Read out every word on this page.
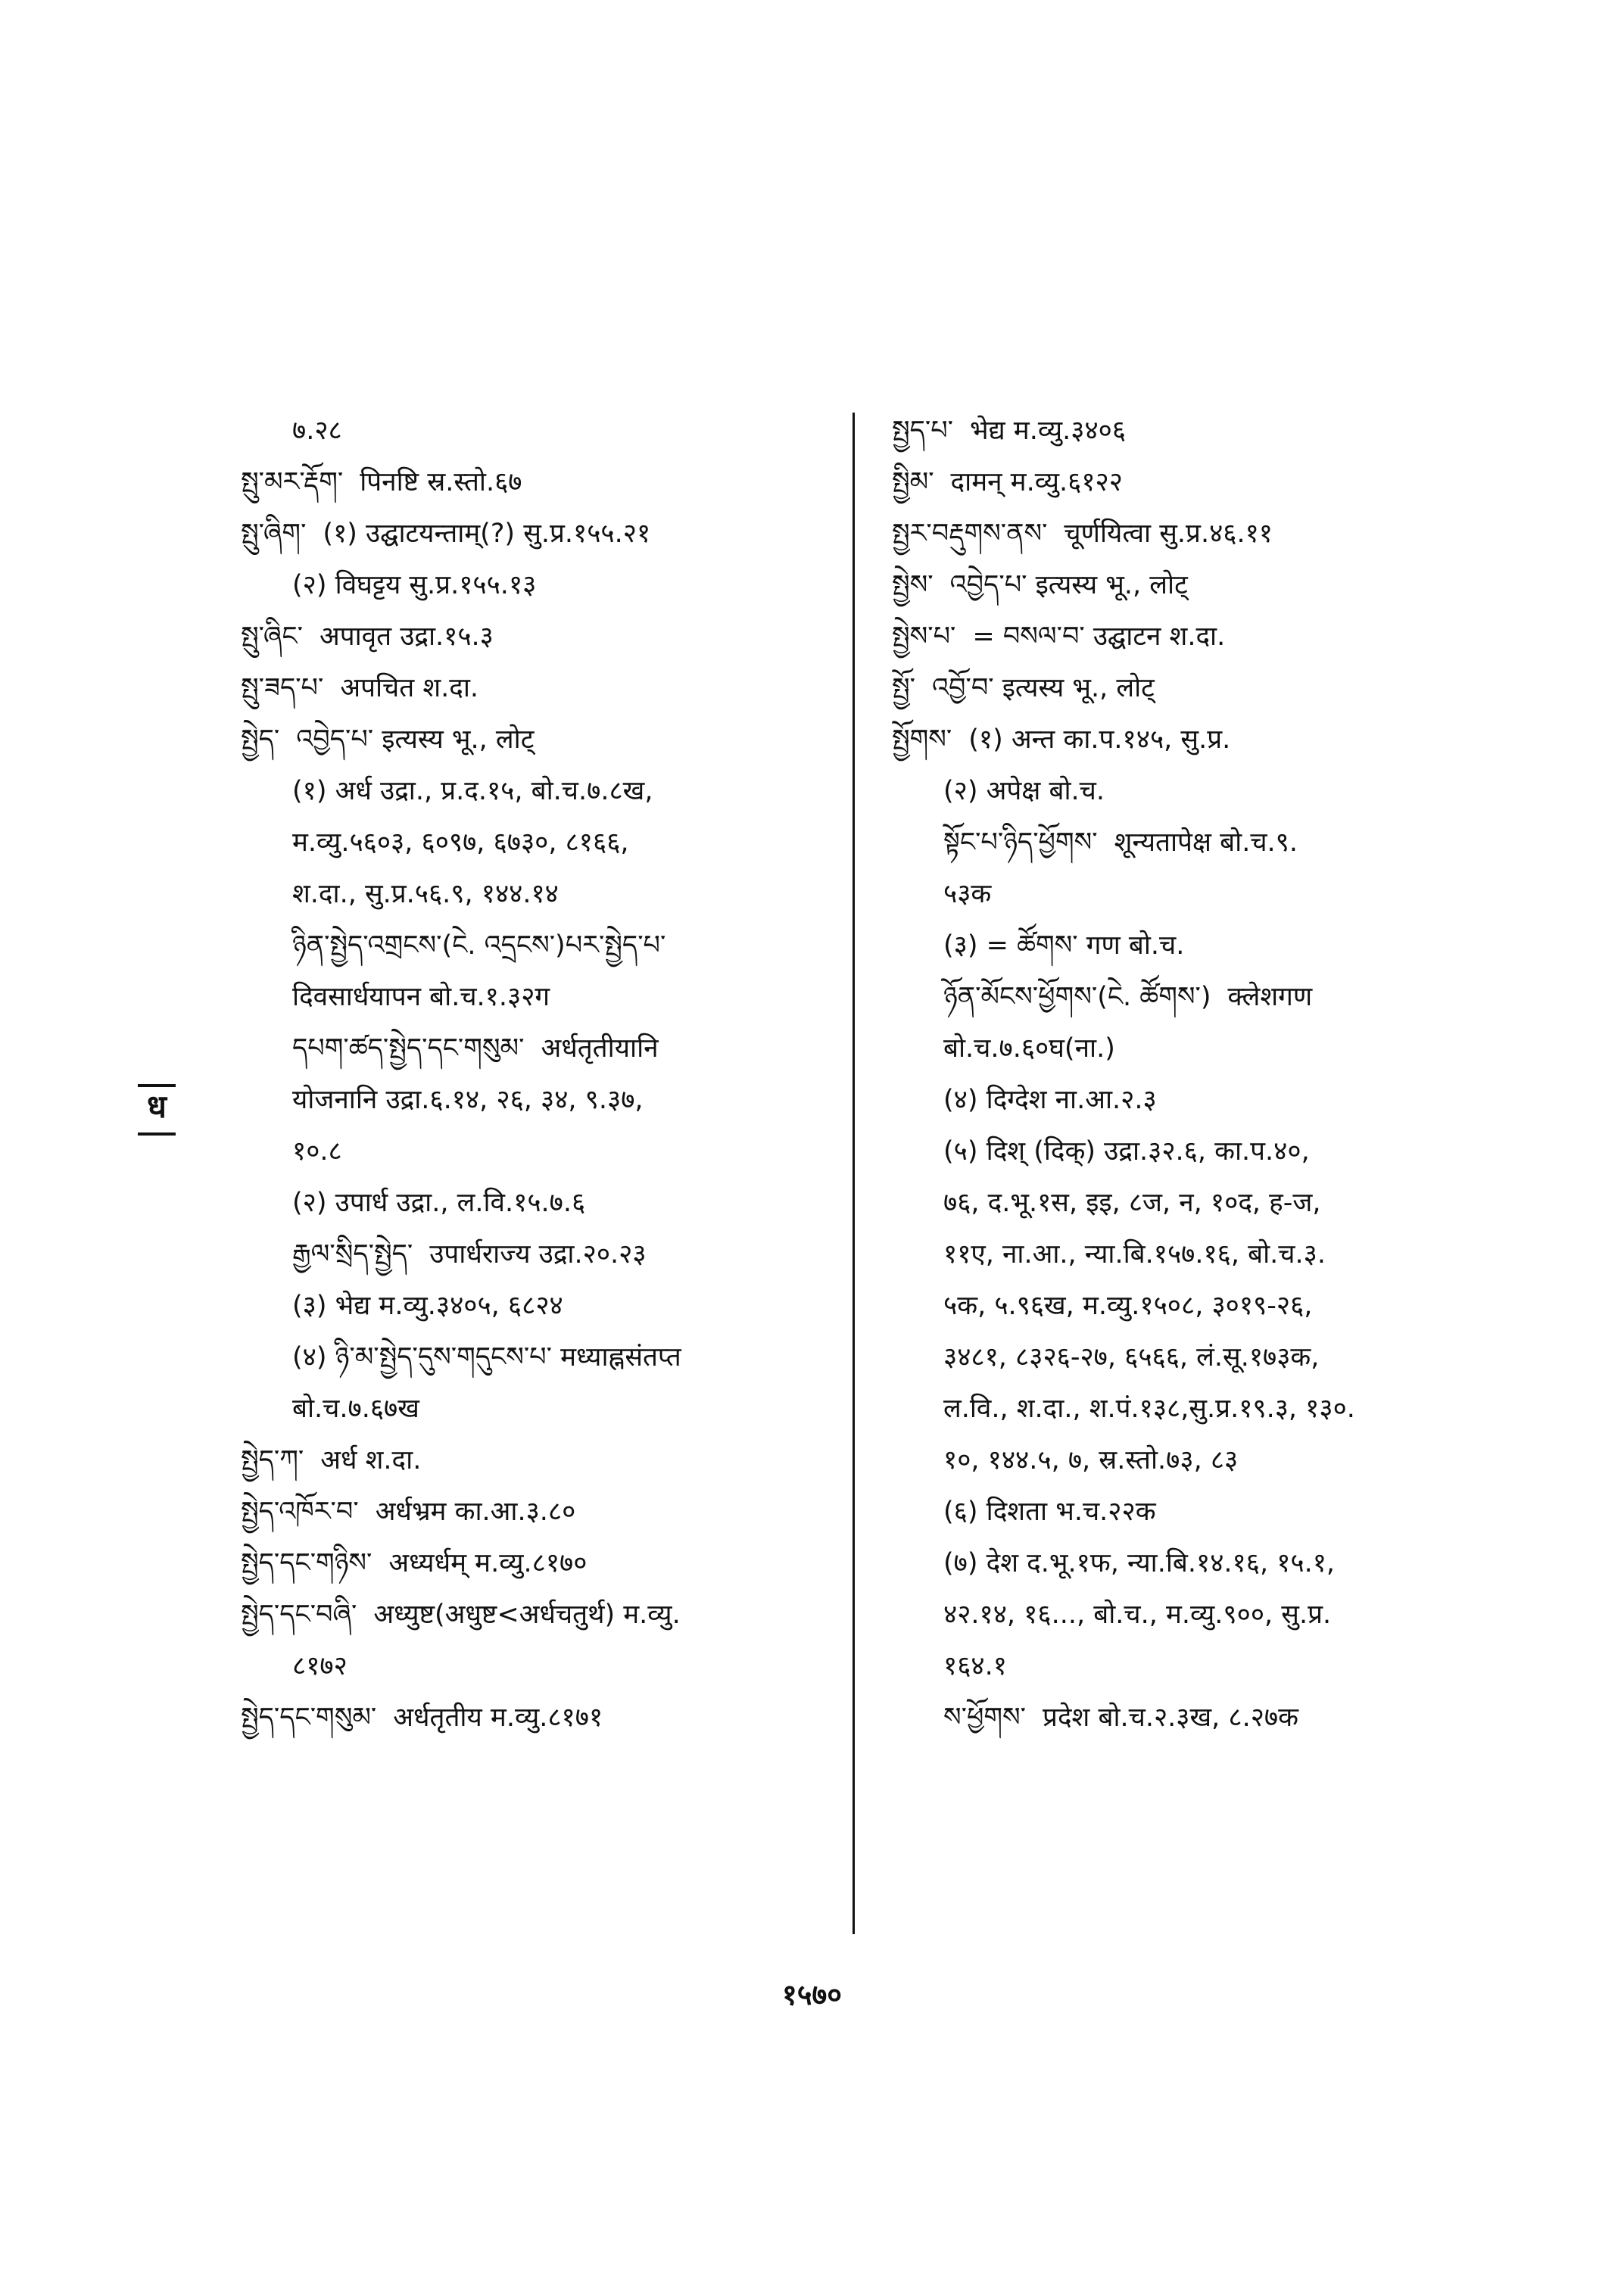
७.२८
སྤུ་མར་རྡོག་ पिनष्टि स्र.स्तो.६७
སྤུ་ཞིག་ (१) उद्घाटयन्ताम्(?) सु.प्र.१५५.२१
(२) विघट्टय सु.प्र.१५५.१३
སྤུ་ཞིང་ अपावृत उद्रा.१५.३
སྤུ་ཟད་པ་ अपचित श.दा.
སྤྱེད་ འབྱེད་པ་ इत्यस्य भू., लोट्
(१) अर्ध उद्रा., प्र.द.१५, बो.च.७.८ख,
म.व्यु.५६०३, ६०९७, ६७३०, ८१६६,
श.दा., सु.प्र.५६.९, १४४.१४
ཉིན་སྤྱེད་འགྲངས་(ངེ. འདྲངས་)པར་སྤྱེད་པ་
दिवसार्धयापन बो.च.१.३२ग
དཔག་ཚད་སྤྱེད་དང་གསུམ་ अर्धतृतीयानि
योजनानि उद्रा.६.१४, २६, ३४, ९.३७,
१०.८
(२) उपार्ध उद्रा., ल.वि.१५.७.६
རྒྱལ་སྲིད་སྤྱེད་ उपार्धराज्य उद्रा.२०.२३
(३) भेद्य म.व्यु.३४०५, ६८२४
(४) ཉི་མ་སྤྱེད་དུས་གདུངས་པ་ मध्याह्नसंतप्त
बो.च.७.६७ख
སྤྱེད་ཀ་ अर्ध श.दा.
སྤྱེད་འཁོར་བ་ अर्धभ्रम का.आ.३.८०
སྤྱེད་དང་གཉིས་ अध्यर्धम् म.व्यु.८१७०
སྤྱེད་དང་བཞི་ अध्युष्ट(अधुष्ट<अर्धचतुर्थ) म.व्यु.
८१७२
སྤྱེད་དང་གསུམ་ अर्धतृतीय म.व्यु.८१७१
སྤྱད་པ་ भेद्य म.व्यु.३४०६
སྤྱིམ་ दामन् म.व्यु.६१२२
སྤྱར་བརྡུགས་ནས་ चूर्णयित्वा सु.प्र.४६.११
སྤྱེས་ འབྱེད་པ་ इत्यस्य भू., लोट्
སྤྱེས་པ་ = བསལ་བ་ उद्घाटन श.दा.
སྤྱོ་ འབྱོ་བ་ इत्यस्य भू., लोट्
སྤྱོགས་ (१) अन्त का.प.१४५, सु.प्र.
(२) अपेक्ष बो.च.
སྟོང་པ་ཉིད་ཕྱོགས་ शून्यतापेक्ष बो.च.९.
५३क
(३) = ཚོགས་ गण बो.च.
ཉོན་མོངས་ཕྱོགས་(ངེ. ཚོགས་) क्लेशगण
बो.च.७.६०घ(ना.)
(४) दिग्देश ना.आ.२.३
(५) दिश् (दिक्) उद्रा.३२.६, का.प.४०,
७६, द.भू.१स, इइ, ८ज, न, १०द, ह-ज,
११ए, ना.आ., न्या.बि.१५७.१६, बो.च.३.
५क, ५.९६ख, म.व्यु.१५०८, ३०१९-२६,
३४८१, ८३२६-२७, ६५६६, लं.सू.१७३क,
ल.वि., श.दा., श.पं.१३८,सु.प्र.१९.३, १३०.
१०, १४४.५, ७, स्र.स्तो.७३, ८३
(६) दिशता भ.च.२२क
(७) देश द.भू.१फ, न्या.बि.१४.१६, १५.१,
४२.१४, १६..., बो.च., म.व्यु.९००, सु.प्र.
१६४.१
ས་ཕྱོགས་ प्रदेश बो.च.२.३ख, ८.२७क
ध
१५७०
